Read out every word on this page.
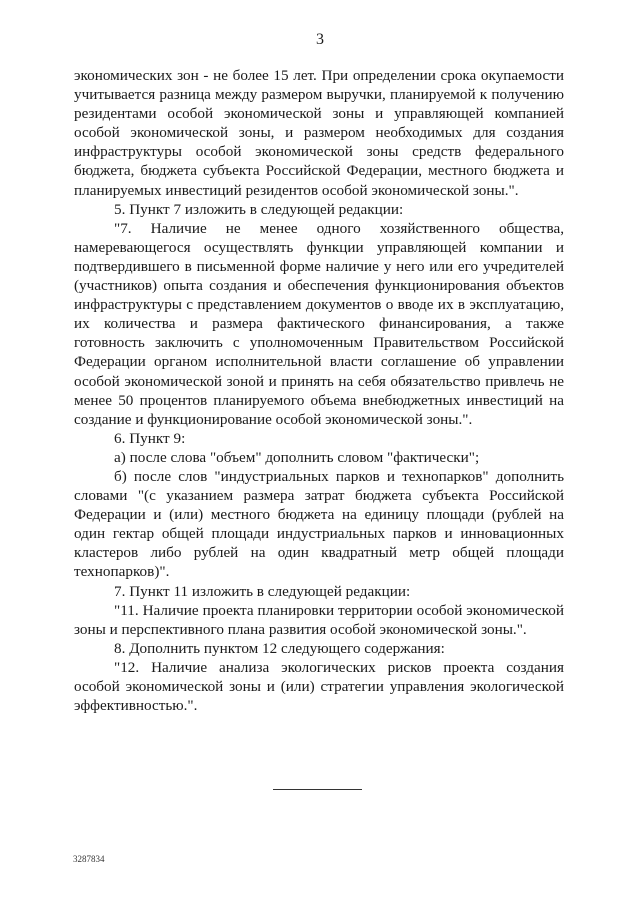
3

экономических зон - не более 15 лет. При определении срока окупаемости учитывается разница между размером выручки, планируемой к получению резидентами особой экономической зоны и управляющей компанией особой экономической зоны, и размером необходимых для создания инфраструктуры особой экономической зоны средств федерального бюджета, бюджета субъекта Российской Федерации, местного бюджета и планируемых инвестиций резидентов особой экономической зоны.".

5. Пункт 7 изложить в следующей редакции:

"7. Наличие не менее одного хозяйственного общества, намеревающегося осуществлять функции управляющей компании и подтвердившего в письменной форме наличие у него или его учредителей (участников) опыта создания и обеспечения функционирования объектов инфраструктуры с представлением документов о вводе их в эксплуатацию, их количества и размера фактического финансирования, а также готовность заключить с уполномоченным Правительством Российской Федерации органом исполнительной власти соглашение об управлении особой экономической зоной и принять на себя обязательство привлечь не менее 50 процентов планируемого объема внебюджетных инвестиций на создание и функционирование особой экономической зоны.".

6. Пункт 9:

а) после слова "объем" дополнить словом "фактически";

б) после слов "индустриальных парков и технопарков" дополнить словами "(с указанием размера затрат бюджета субъекта Российской Федерации и (или) местного бюджета на единицу площади (рублей на один гектар общей площади индустриальных парков и инновационных кластеров либо рублей на один квадратный метр общей площади технопарков)".

7. Пункт 11 изложить в следующей редакции:

"11. Наличие проекта планировки территории особой экономической зоны и перспективного плана развития особой экономической зоны.".

8. Дополнить пунктом 12 следующего содержания:

"12. Наличие анализа экологических рисков проекта создания особой экономической зоны и (или) стратегии управления экологической эффективностью.".

3287834
